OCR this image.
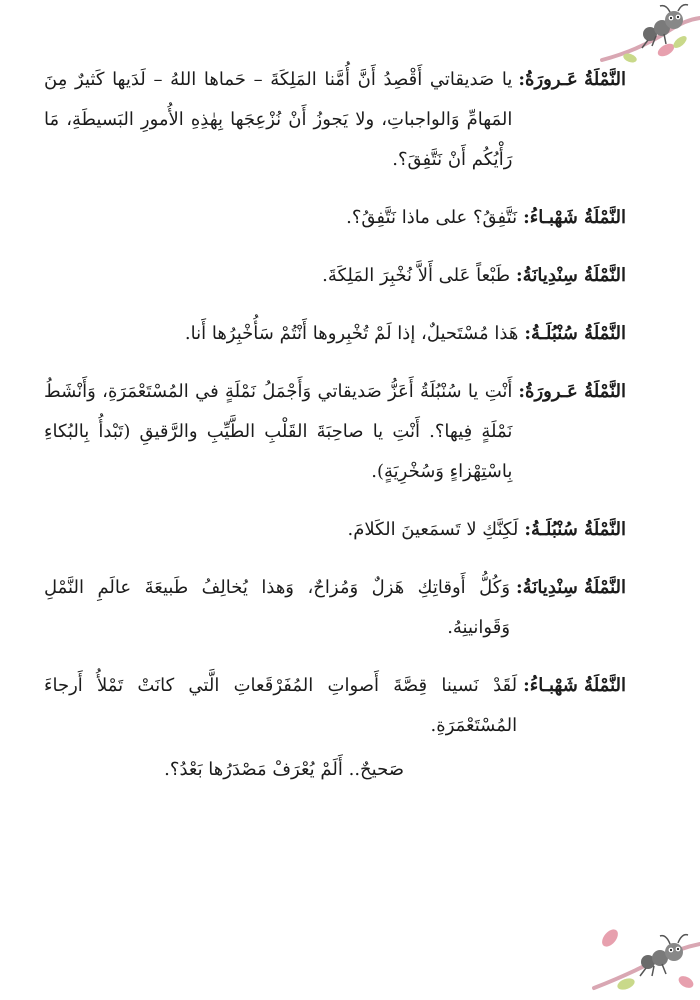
النَّمْلَةُ عَـرورَةُ:
يا صَديقاتي أَقْصِدُ أَنَّ أُمَّنا المَلِكَةَ – حَماها اللهُ – لَدَيها كَثيرٌ مِنَ المَهامِّ وَالواجباتِ، ولا يَجوزُ أَنْ نُزْعِجَها بِهٰذِهِ الأُمورِ البَسيطَةِ، مَا رَأْيُكُم أَنْ نَتَّفِقَ؟.
النَّمْلَةُ شَهْبـاءُ:
نَتَّفِقُ؟ على ماذا نَتَّفِقُ؟.
النَّمْلَةُ سِنْدِيانَةُ:
طَبْعاً عَلى أَلاَّ نُخْبِرَ المَلِكَةَ.
النَّمْلَةُ سُنْبُلَـةُ:
هَذا مُسْتَحيلٌ، إذا لَمْ تُخْبِروها أَنْتُمْ سَأُخْبِرُها أَنا.
النَّمْلَةُ عَـرورَةُ:
أَنْتِ يا سُنْبُلَةُ أَعَزُّ صَديقاتي وَأَجْمَلُ نَمْلَةٍ في المُسْتَعْمَرَةِ، وَأَنْشَطُ نَمْلَةٍ فِيها؟. أَنْتِ يا صاحِبَةَ القَلْبِ الطَّيِّبِ والرَّقيقِ (تَبْدأُ بِالبُكاءِ بِاسْتِهْزاءٍ وَسُخْرِيَةٍ).
النَّمْلَةُ سُنْبُلَـةُ:
لَكِنَّكِ لا تَسمَعينَ الكَلامَ.
النَّمْلَةُ سِنْدِيانَةُ:
وَكُلُّ أَوقاتِكِ هَزلٌ وَمُزاحٌ، وَهذا يُخالِفُ طَبيعَةَ عالَمِ النَّمْلِ وَقَوانينِهُ.
النَّمْلَةُ شَهْبـاءُ:
لَقَدْ نَسينا قِصَّةَ أَصواتِ المُفَرْقَعاتِ الَّتي كانَتْ تَمْلأُ أَرجاءَ المُسْتَعْمَرَةِ.
صَحيحٌ.. أَلَمْ يُعْرَفْ مَصْدَرُها بَعْدُ؟.
